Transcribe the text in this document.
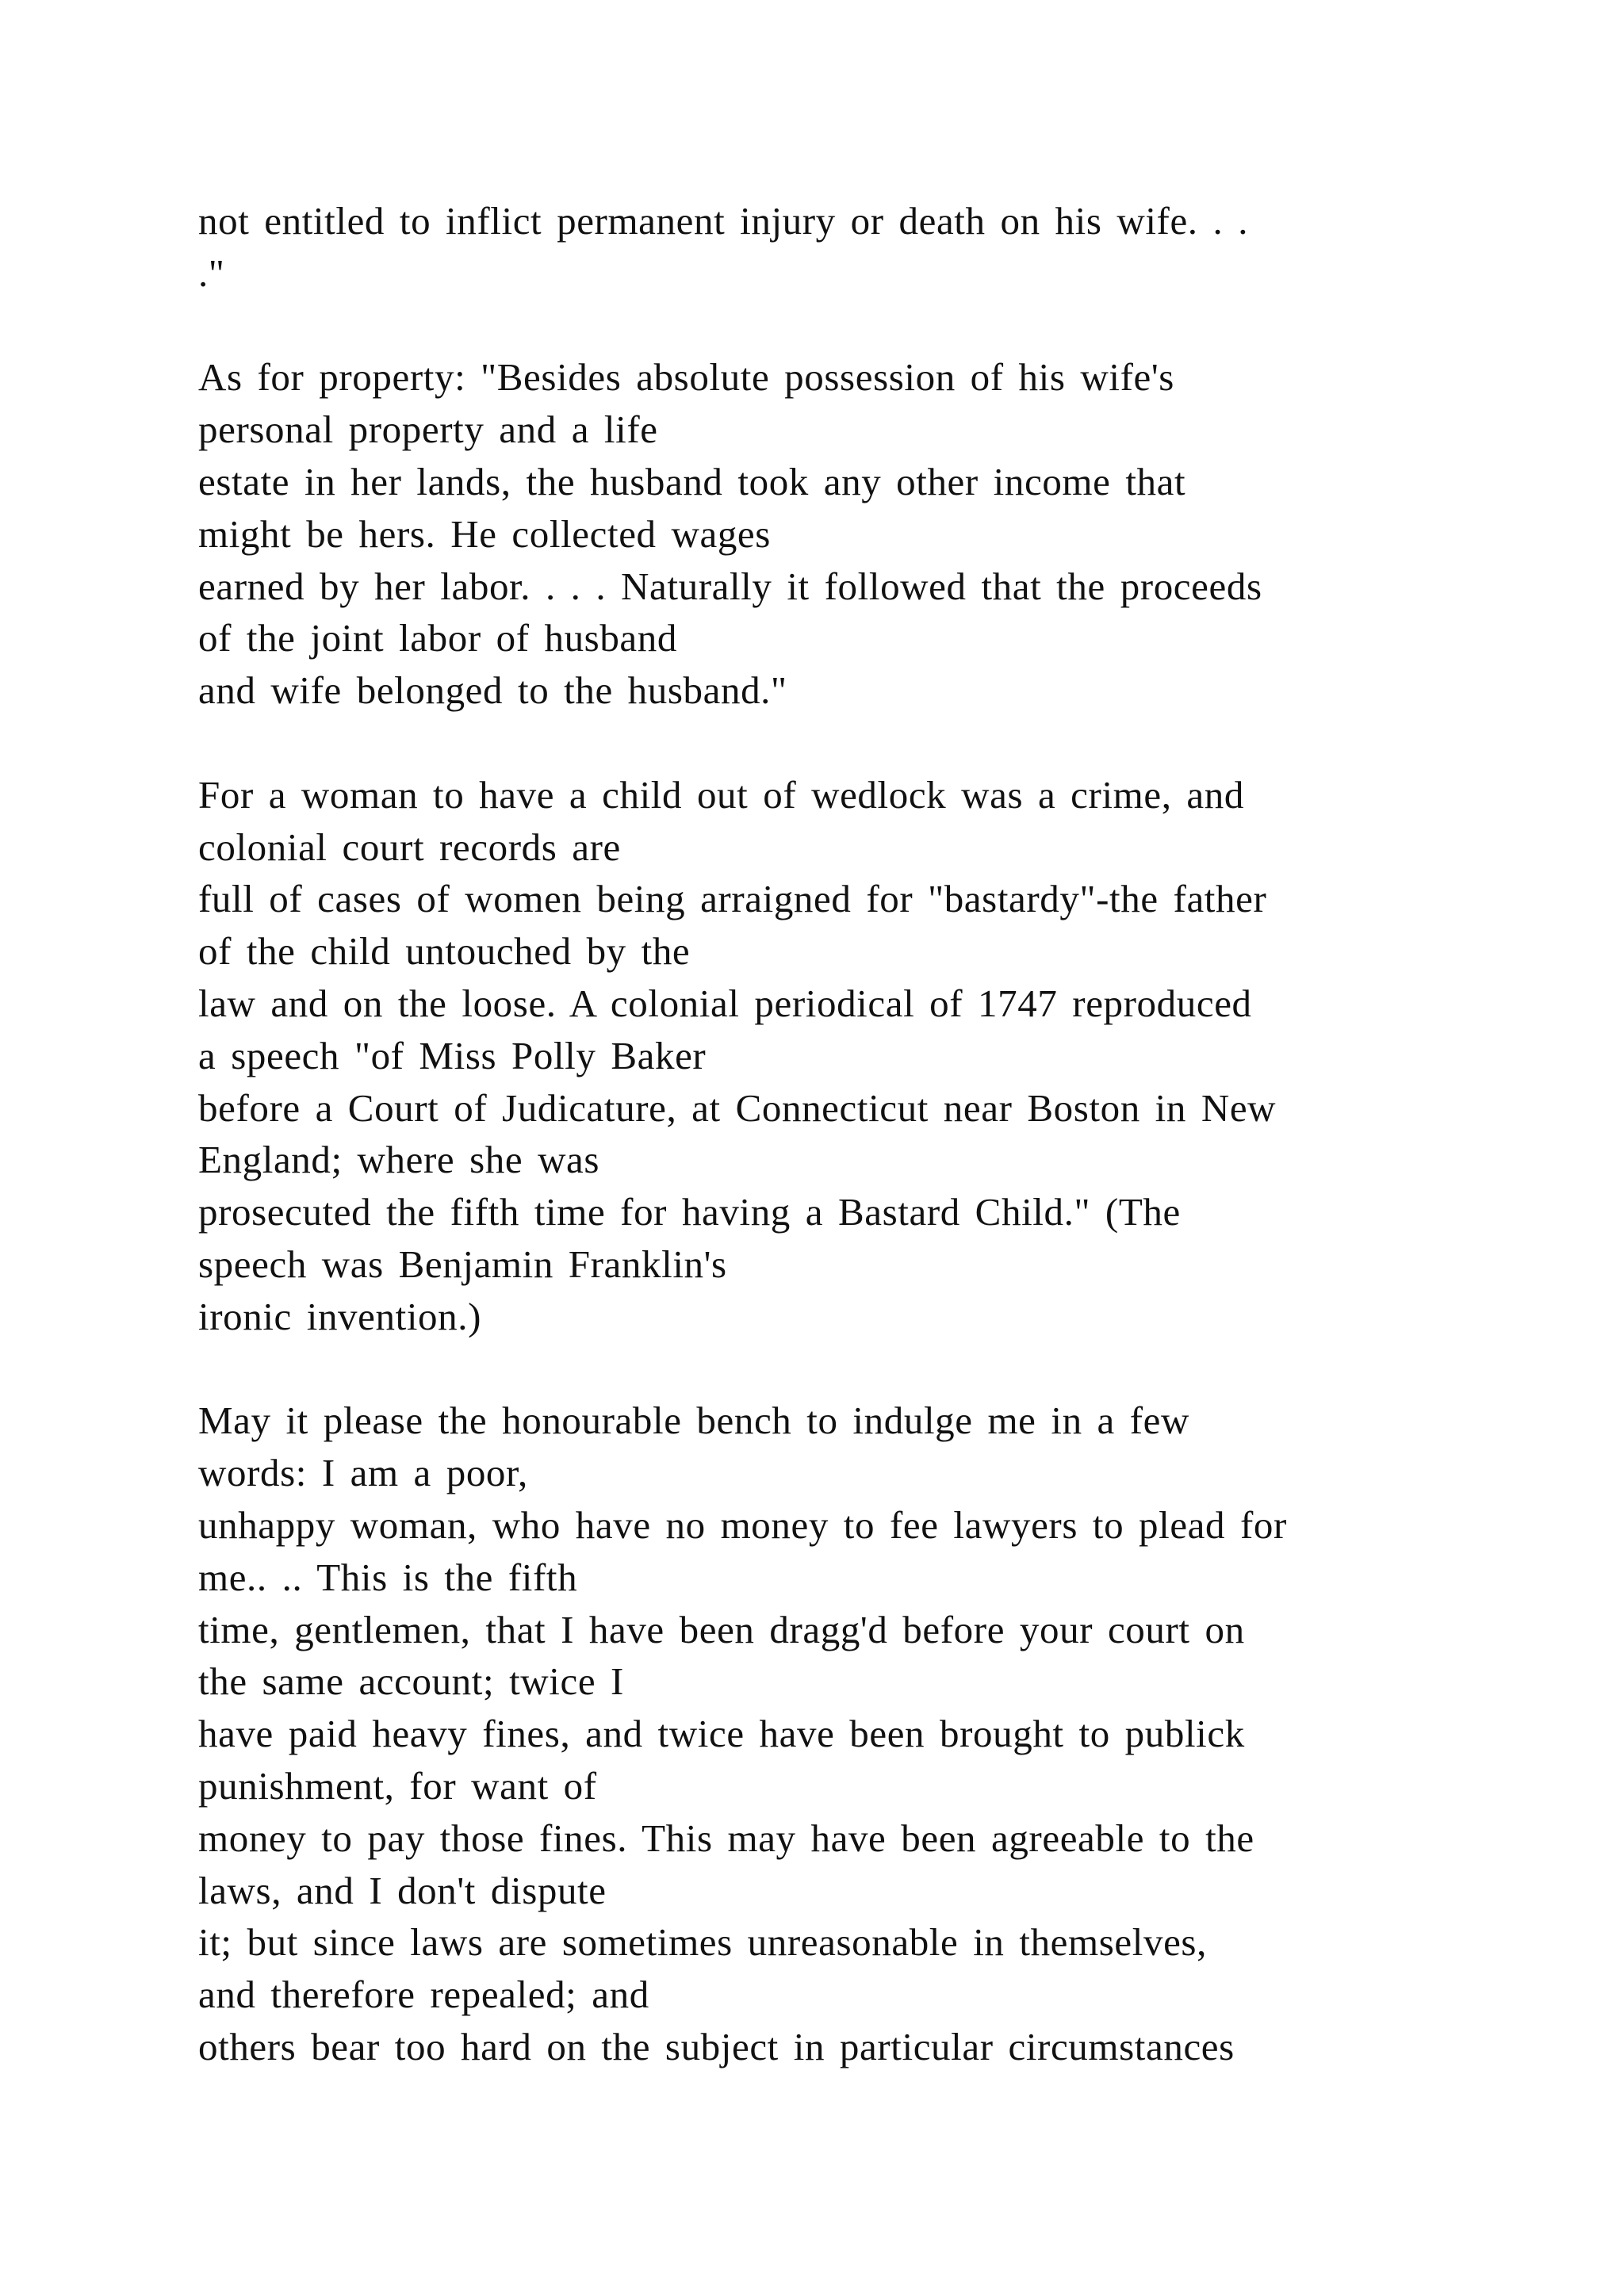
not entitled to inflict permanent injury or death on his wife. . .
."
As for property: "Besides absolute possession of his wife's
personal property and a life
estate in her lands, the husband took any other income that
might be hers. He collected wages
earned by her labor. . . . Naturally it followed that the proceeds
of the joint labor of husband
and wife belonged to the husband."
For a woman to have a child out of wedlock was a crime, and
colonial court records are
full of cases of women being arraigned for "bastardy"-the father
of the child untouched by the
law and on the loose. A colonial periodical of 1747 reproduced
a speech "of Miss Polly Baker
before a Court of Judicature, at Connecticut near Boston in New
England; where she was
prosecuted the fifth time for having a Bastard Child." (The
speech was Benjamin Franklin's
ironic invention.)
May it please the honourable bench to indulge me in a few
words: I am a poor,
unhappy woman, who have no money to fee lawyers to plead for
me.. .. This is the fifth
time, gentlemen, that I have been dragg'd before your court on
the same account; twice I
have paid heavy fines, and twice have been brought to publick
punishment, for want of
money to pay those fines. This may have been agreeable to the
laws, and I don't dispute
it; but since laws are sometimes unreasonable in themselves,
and therefore repealed; and
others bear too hard on the subject in particular circumstances
